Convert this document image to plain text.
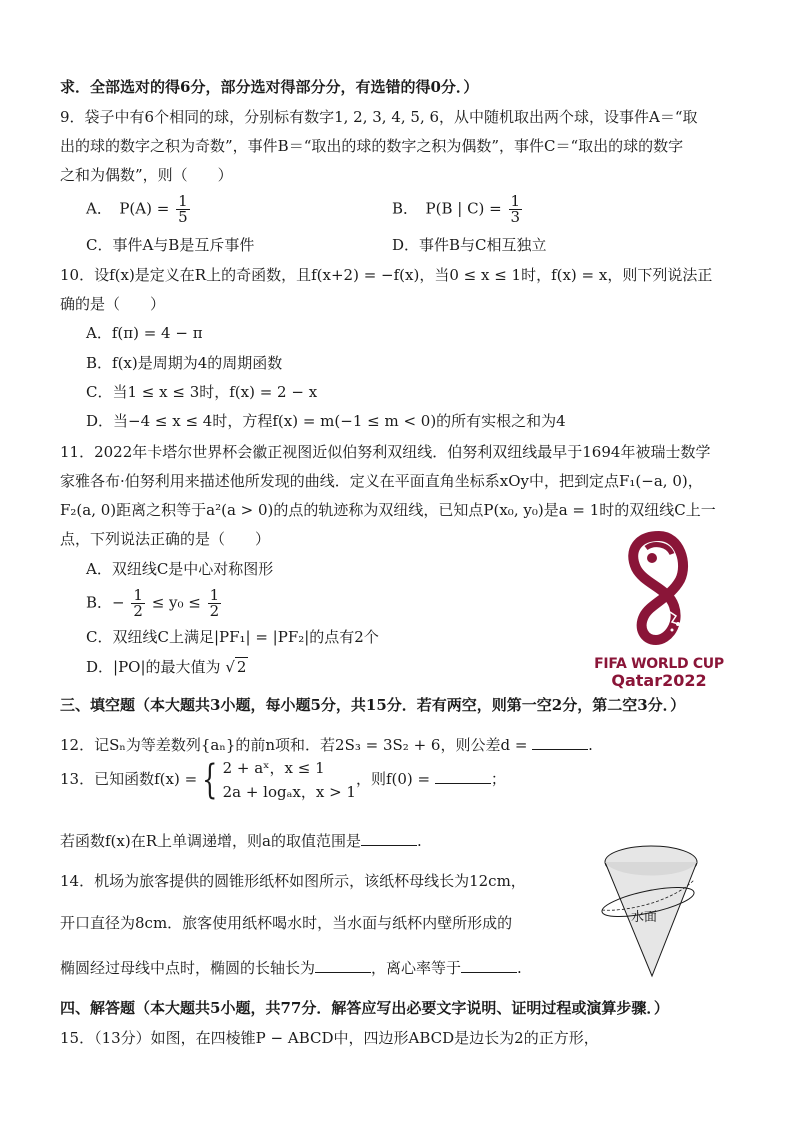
求．全部选对的得6分，部分选对得部分分，有选错的得0分．）
9．袋子中有6个相同的球，分别标有数字1, 2, 3, 4, 5, 6，从中随机取出两个球，设事件A＝“取
出的球的数字之积为奇数”，事件B＝“取出的球的数字之积为偶数”，事件C＝“取出的球的数字
之和为偶数”，则（　　）
A．　$P(A) = \frac{1}{5}$	B．　P(B | $C) = \frac{1}{3}$
C．事件A与B是互斥事件	D．事件B与C相互独立
10．设f(x)是定义在R上的奇函数，且f(x+2) = −f(x)，当0 ≤ x ≤ 1时，f(x) = x，则下列说法正
确的是（　　）
A．f(π) = 4 − π
B．f(x)是周期为4的周期函数
C．当1 ≤ x ≤ 3时，f(x) = 2 − x
D．当−4 ≤ x ≤ 4时，方程f(x) = m(−1 ≤ m < 0)的所有实根之和为4
11．2022年卡塔尔世界杯会徽正视图近似伯努利双纽线．伯努利双纽线最早于1694年被瑞士数学
家雅各布·伯努利用来描述他所发现的曲线．定义在平面直角坐标系xOy中，把到定点F₁(−a, 0)，
F₂(a, 0)距离之积等于a²(a > 0)的点的轨迹称为双纽线，已知点P(x₀, y₀)是a = 1时的双纽线C上一
点，下列说法正确的是（　　）
A．双纽线C是中心对称图形
B．− $\frac{1}{2} \le y_0 \le \frac{1}{2}$
C．双纽线C上满足|PF₁| = |PF₂|的点有2个
D．|PO|的最大值为 √ 2	FIFA WORLD CUP
Qatar2022
三、填空题（本大题共3小题，每小题5分，共15分．若有两空，则第一空2分，第二空3分．）
12．记Sₙ为等差数列{aₙ}的前n项和．若2S₃ = 3S₂ + 6，则公差d =	.
13．已知函数f(x) = { 2 + aˣ，x ≤ 1
2a + logₐx，x > 1
，则f(0) =	；
若函数f(x)在R上单调递增，则a的取值范围是	.
14．机场为旅客提供的圆锥形纸杯如图所示，该纸杯母线长为12cm，
开口直径为8cm．旅客使用纸杯喝水时，当水面与纸杯内壁所形成的
椭圆经过母线中点时，椭圆的长轴长为	，离心率等于	.
水面
四、解答题（本大题共5小题，共77分．解答应写出必要文字说明、证明过程或演算步骤．）
15．（13分）如图，在四棱锥P − ABCD中，四边形ABCD是边长为2的正方形，
